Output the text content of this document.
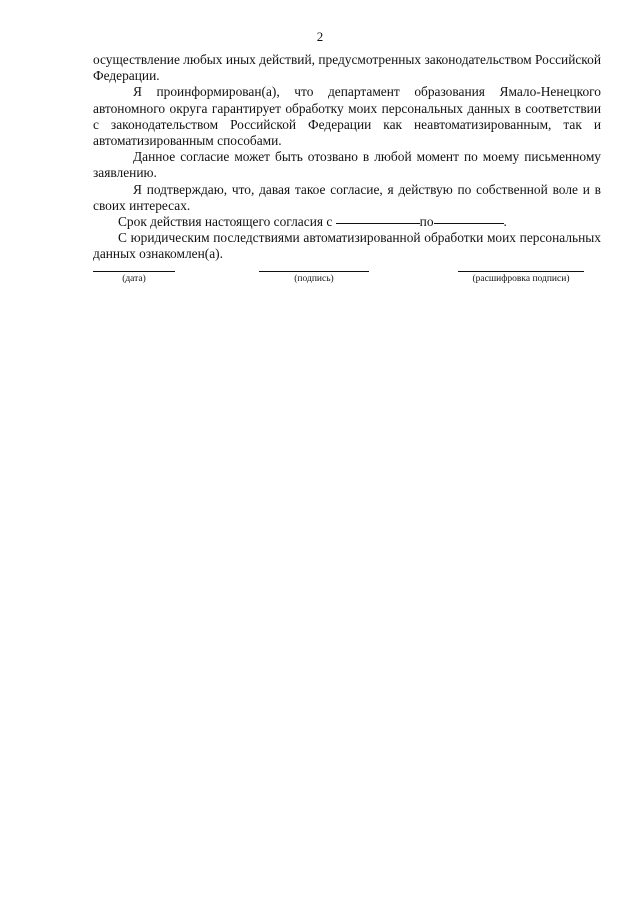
2

осуществление любых иных действий, предусмотренных законодательством Российской Федерации.

Я проинформирован(а), что департамент образования Ямало-Ненецкого автономного округа гарантирует обработку моих персональных данных в соответствии с законодательством Российской Федерации как неавтоматизированным, так и автоматизированным способами.

Данное согласие может быть отозвано в любой момент по моему письменному заявлению.

Я подтверждаю, что, давая такое согласие, я действую по собственной воле и в своих интересах.

Срок действия настоящего согласия с	по	.

С юридическим последствиями автоматизированной обработки моих персональных данных ознакомлен(а).

(дата)	(подпись)	(расшифровка подписи)
